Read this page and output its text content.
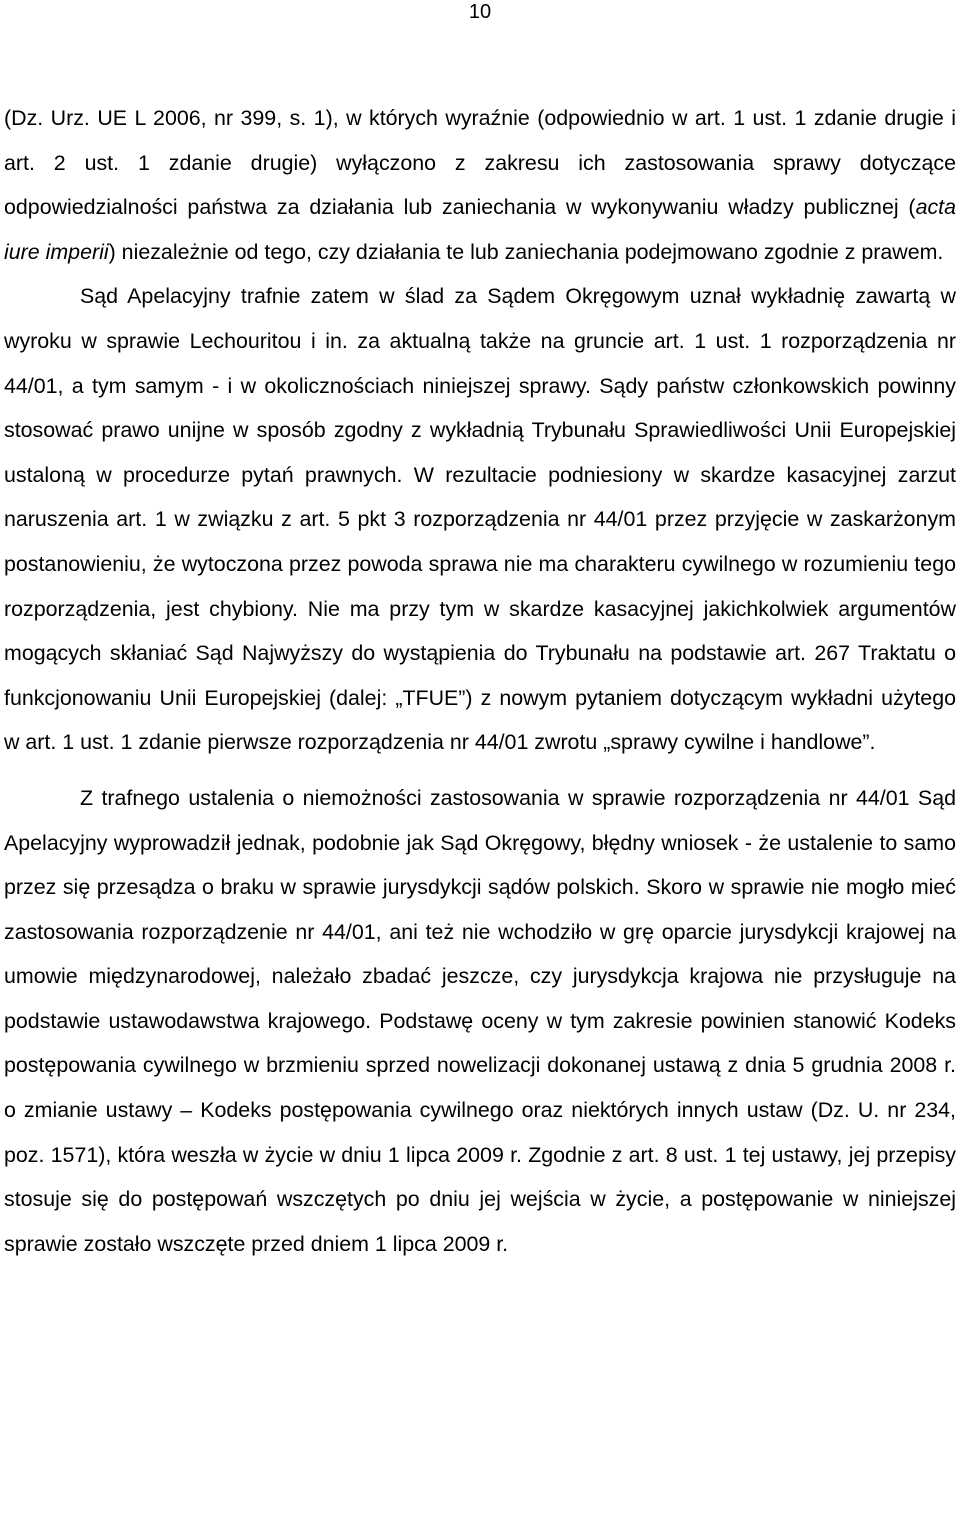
10

(Dz. Urz. UE L 2006, nr 399, s. 1), w których wyraźnie (odpowiednio w art. 1 ust. 1 zdanie drugie i art. 2 ust. 1 zdanie drugie) wyłączono z zakresu ich zastosowania sprawy dotyczące odpowiedzialności państwa za działania lub zaniechania w wykonywaniu władzy publicznej (acta iure imperii) niezależnie od tego, czy działania te lub zaniechania podejmowano zgodnie z prawem.

Sąd Apelacyjny trafnie zatem w ślad za Sądem Okręgowym uznał wykładnię zawartą w wyroku w sprawie Lechouritou i in. za aktualną także na gruncie art. 1 ust. 1 rozporządzenia nr 44/01, a tym samym - i w okolicznościach niniejszej sprawy. Sądy państw członkowskich powinny stosować prawo unijne w sposób zgodny z wykładnią Trybunału Sprawiedliwości Unii Europejskiej ustaloną w procedurze pytań prawnych. W rezultacie podniesiony w skardze kasacyjnej zarzut naruszenia art. 1 w związku z art. 5 pkt 3 rozporządzenia nr 44/01 przez przyjęcie w zaskarżonym postanowieniu, że wytoczona przez powoda sprawa nie ma charakteru cywilnego w rozumieniu tego rozporządzenia, jest chybiony. Nie ma przy tym w skardze kasacyjnej jakichkolwiek argumentów mogących skłaniać Sąd Najwyższy do wystąpienia do Trybunału na podstawie art. 267 Traktatu o funkcjonowaniu Unii Europejskiej (dalej: „TFUE”) z nowym pytaniem dotyczącym wykładni użytego w art. 1 ust. 1 zdanie pierwsze rozporządzenia nr 44/01 zwrotu „sprawy cywilne i handlowe”.

Z trafnego ustalenia o niemożności zastosowania w sprawie rozporządzenia nr 44/01 Sąd Apelacyjny wyprowadził jednak, podobnie jak Sąd Okręgowy, błędny wniosek - że ustalenie to samo przez się przesądza o braku w sprawie jurysdykcji sądów polskich. Skoro w sprawie nie mogło mieć zastosowania rozporządzenie nr 44/01, ani też nie wchodziło w grę oparcie jurysdykcji krajowej na umowie międzynarodowej, należało zbadać jeszcze, czy jurysdykcja krajowa nie przysługuje na podstawie ustawodawstwa krajowego. Podstawę oceny w tym zakresie powinien stanowić Kodeks postępowania cywilnego w brzmieniu sprzed nowelizacji dokonanej ustawą z dnia 5 grudnia 2008 r. o zmianie ustawy – Kodeks postępowania cywilnego oraz niektórych innych ustaw (Dz. U. nr 234, poz. 1571), która weszła w życie w dniu 1 lipca 2009 r. Zgodnie z art. 8 ust. 1 tej ustawy, jej przepisy stosuje się do postępowań wszczętych po dniu jej wejścia w życie, a postępowanie w niniejszej sprawie zostało wszczęte przed dniem 1 lipca 2009 r.
